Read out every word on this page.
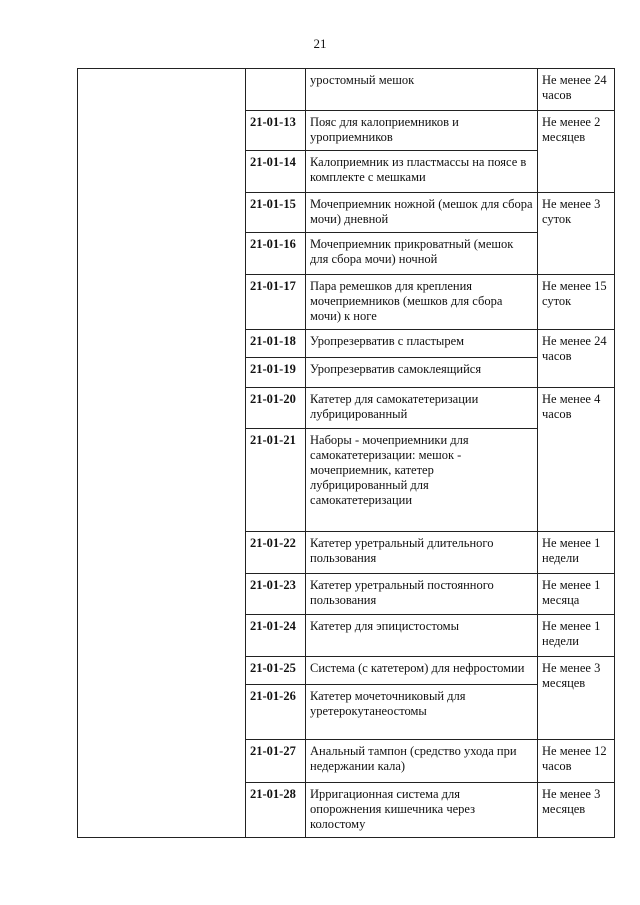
21
		уростомный мешок	Не менее 24 часов
	21-01-13	Пояс для калоприемников и уроприемников	Не менее 2 месяцев
	21-01-14	Калоприемник из пластмассы на поясе в комплекте с мешками	
	21-01-15	Мочеприемник ножной (мешок для сбора мочи) дневной	Не менее 3 суток
	21-01-16	Мочеприемник прикроватный (мешок для сбора мочи) ночной	
	21-01-17	Пара ремешков для крепления мочеприемников (мешков для сбора мочи) к ноге	Не менее 15 суток
	21-01-18	Уропрезерватив с пластырем	Не менее 24 часов
	21-01-19	Уропрезерватив самоклеящийся	
	21-01-20	Катетер для самокатетеризации лубрицированный	Не менее 4 часов
	21-01-21	Наборы - мочеприемники для самокатетеризации: мешок - мочеприемник, катетер лубрицированный для самокатетеризации	
	21-01-22	Катетер уретральный длительного пользования	Не менее 1 недели
	21-01-23	Катетер уретральный постоянного пользования	Не менее 1 месяца
	21-01-24	Катетер для эпицистостомы	Не менее 1 недели
	21-01-25	Система (с катетером) для нефростомии	Не менее 3 месяцев
	21-01-26	Катетер мочеточниковый для уретерокутанеостомы	
	21-01-27	Анальный тампон (средство ухода при недержании кала)	Не менее 12 часов
	21-01-28	Ирригационная система для опорожнения кишечника через колостому	Не менее 3 месяцев
